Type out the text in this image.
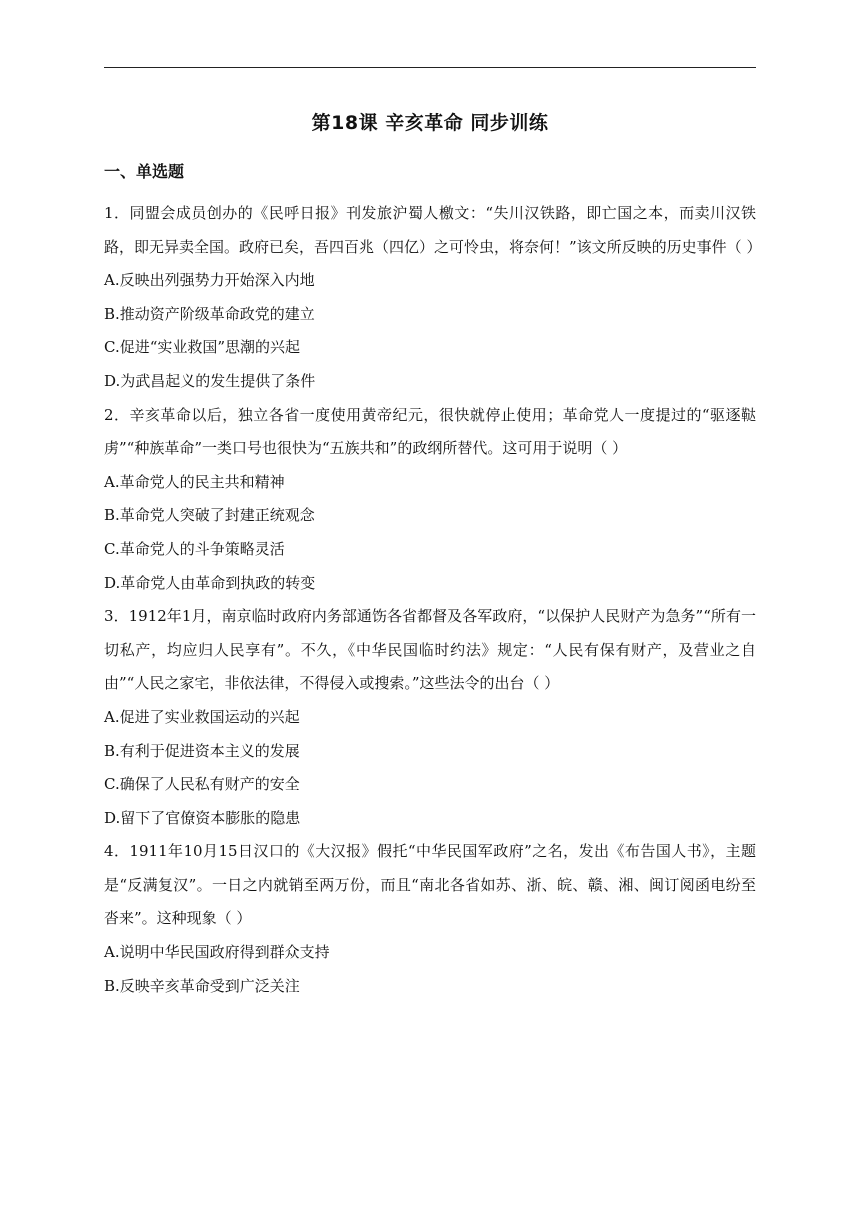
第18课 辛亥革命 同步训练
一、单选题

1．同盟会成员创办的《民呼日报》刊发旅沪蜀人檄文：“失川汉铁路，即亡国之本，而卖川汉铁路，即无异卖全国。政府已矣，吾四百兆（四亿）之可怜虫，将奈何！”该文所反映的历史事件（ ）

A.反映出列强势力开始深入内地

B.推动资产阶级革命政党的建立

C.促进“实业救国”思潮的兴起

D.为武昌起义的发生提供了条件

2．辛亥革命以后，独立各省一度使用黄帝纪元，很快就停止使用；革命党人一度提过的“驱逐鞑虏”“种族革命”一类口号也很快为“五族共和”的政纲所替代。这可用于说明（ ）

A.革命党人的民主共和精神

B.革命党人突破了封建正统观念

C.革命党人的斗争策略灵活

D.革命党人由革命到执政的转变

3．1912年1月，南京临时政府内务部通饬各省都督及各军政府，“以保护人民财产为急务”“所有一切私产，均应归人民享有”。不久，《中华民国临时约法》规定：“人民有保有财产，及营业之自由”“人民之家宅，非依法律，不得侵入或搜索。”这些法令的出台（ ）

A.促进了实业救国运动的兴起

B.有利于促进资本主义的发展

C.确保了人民私有财产的安全

D.留下了官僚资本膨胀的隐患

4．1911年10月15日汉口的《大汉报》假托“中华民国军政府”之名，发出《布告国人书》，主题是“反满复汉”。一日之内就销至两万份，而且“南北各省如苏、浙、皖、赣、湘、闽订阅函电纷至沓来”。这种现象（ ）

A.说明中华民国政府得到群众支持

B.反映辛亥革命受到广泛关注
